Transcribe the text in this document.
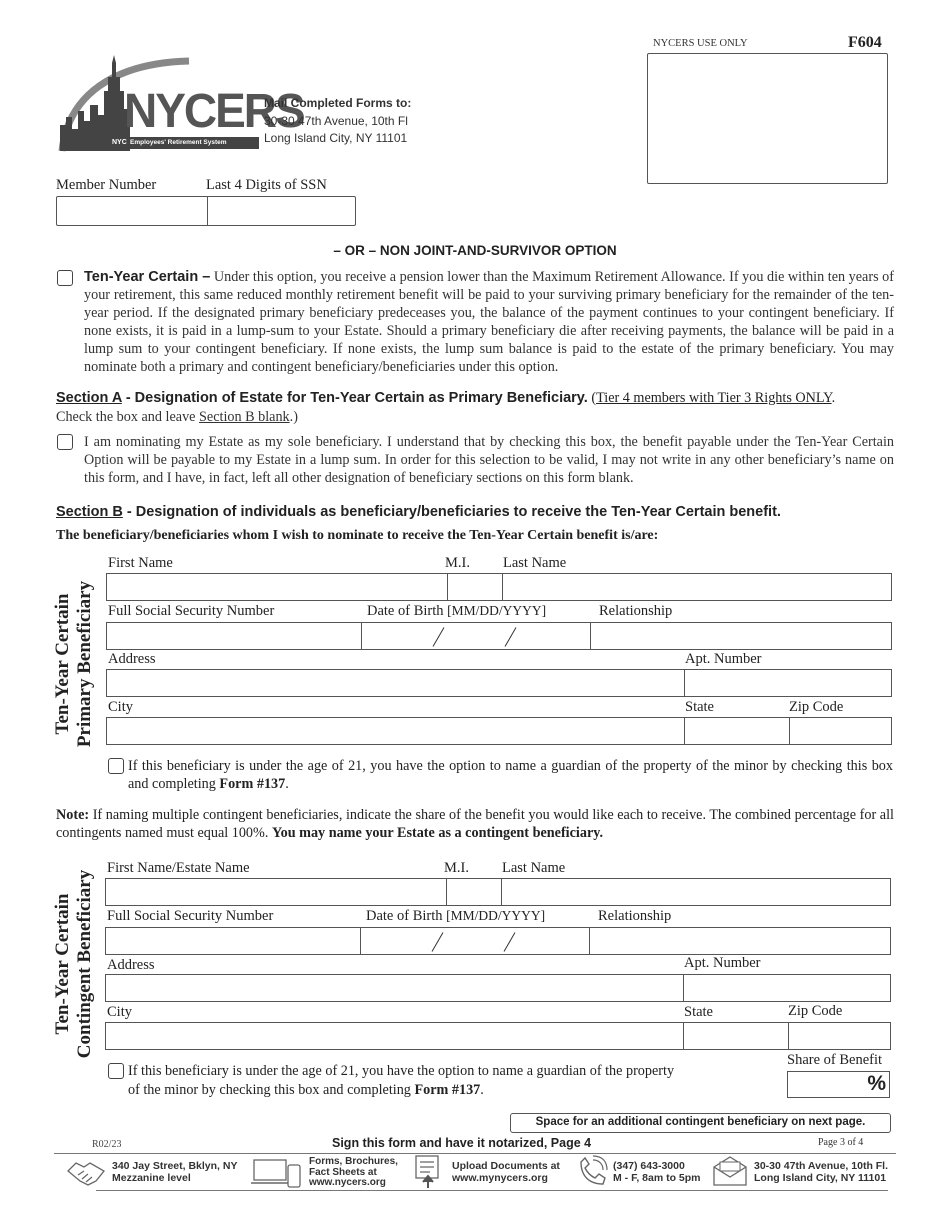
NYCERS
NYC Employees' Retirement System
Mail Completed Forms to:
30-30 47th Avenue, 10th Fl
Long Island City, NY 11101
NYCERS USE ONLY	F604
Member Number	Last 4 Digits of SSN
– OR – NON JOINT-AND-SURVIVOR OPTION
Ten-Year Certain – Under this option, you receive a pension lower than the Maximum Retirement Allowance. If you die within ten years of your retirement, this same reduced monthly retirement benefit will be paid to your surviving primary beneficiary for the remainder of the ten-year period. If the designated primary beneficiary predeceases you, the balance of the payment continues to your contingent beneficiary. If none exists, it is paid in a lump-sum to your Estate. Should a primary beneficiary die after receiving payments, the balance will be paid in a lump sum to your contingent beneficiary. If none exists, the lump sum balance is paid to the estate of the primary beneficiary. You may nominate both a primary and contingent beneficiary/beneficiaries under this option.
Section A - Designation of Estate for Ten-Year Certain as Primary Beneficiary. (Tier 4 members with Tier 3 Rights ONLY.
Check the box and leave Section B blank.)
I am nominating my Estate as my sole beneficiary. I understand that by checking this box, the benefit payable under the Ten-Year Certain Option will be payable to my Estate in a lump sum. In order for this selection to be valid, I may not write in any other beneficiary’s name on this form, and I have, in fact, left all other designation of beneficiary sections on this form blank.
Section B - Designation of individuals as beneficiary/beneficiaries to receive the Ten-Year Certain benefit.
The beneficiary/beneficiaries whom I wish to nominate to receive the Ten-Year Certain benefit is/are:
Ten-Year Certain Primary Beneficiary
First Name	M.I. Last Name
Full Social Security Number	Date of Birth [MM/DD/YYYY]	Relationship
Address	Apt. Number
City	State	Zip Code
If this beneficiary is under the age of 21, you have the option to name a guardian of the property of the minor by checking this box and completing Form #137.
Note: If naming multiple contingent beneficiaries, indicate the share of the benefit you would like each to receive. The combined percentage for all contingents named must equal 100%. You may name your Estate as a contingent beneficiary.
Ten-Year Certain Contingent Beneficiary
First Name/Estate Name	M.I. Last Name
Full Social Security Number	Date of Birth [MM/DD/YYYY]	Relationship
Address	Apt. Number
City	State	Zip Code
If this beneficiary is under the age of 21, you have the option to name a guardian of the property
of the minor by checking this box and completing Form #137.
Share of Benefit
%
Space for an additional contingent beneficiary on next page.
R02/23	Sign this form and have it notarized, Page 4	Page 3 of 4
340 Jay Street, Bklyn, NY
Mezzanine level
Forms, Brochures,
Fact Sheets at
www.nycers.org
Upload Documents at
www.mynycers.org
(347) 643-3000
M - F, 8am to 5pm
30-30 47th Avenue, 10th Fl.
Long Island City, NY 11101
